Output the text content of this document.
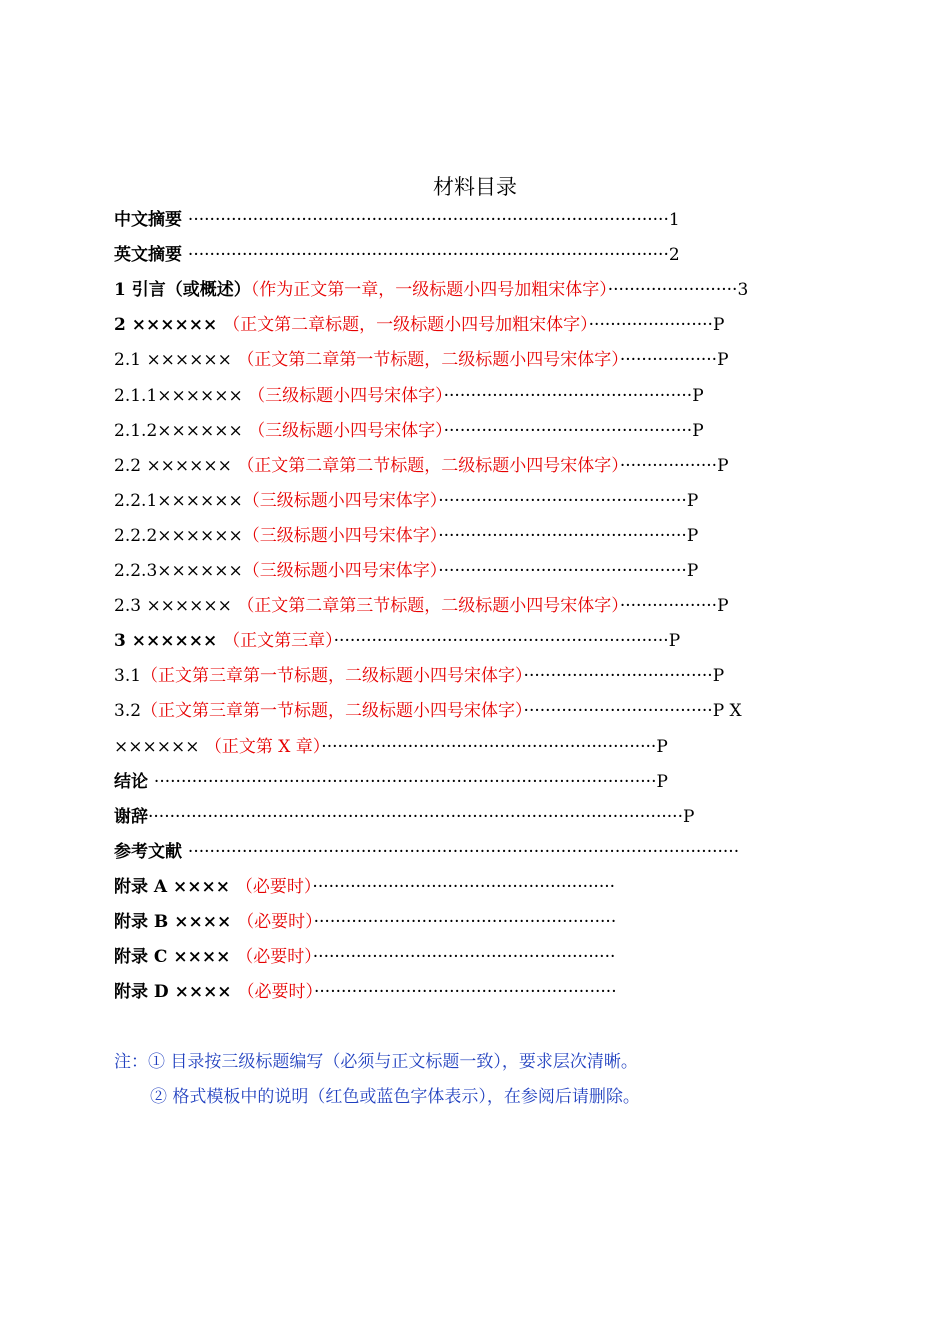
材料目录
中文摘要 ·························································································1
英文摘要 ·························································································2
1 引言（或概述）（作为正文第一章，一级标题小四号加粗宋体字）························3
2 ×××××× （正文第二章标题，一级标题小四号加粗宋体字）·······················P
2.1 ×××××× （正文第二章第一节标题，二级标题小四号宋体字）··················P
2.1.1×××××× （三级标题小四号宋体字）··············································P
2.1.2×××××× （三级标题小四号宋体字）··············································P
2.2 ×××××× （正文第二章第二节标题，二级标题小四号宋体字）··················P
2.2.1××××××（三级标题小四号宋体字）··············································P
2.2.2××××××（三级标题小四号宋体字）··············································P
2.2.3××××××（三级标题小四号宋体字）··············································P
2.3 ×××××× （正文第二章第三节标题，二级标题小四号宋体字）··················P
3 ×××××× （正文第三章）······························································P
3.1（正文第三章第一节标题，二级标题小四号宋体字）···································P
3.2（正文第三章第一节标题，二级标题小四号宋体字）···································P X
×××××× （正文第 X 章）······························································P
结论 ·····························································································P
谢辞···································································································P
参考文献 ······································································································
附录 A ×××× （必要时）························································
附录 B ×××× （必要时）························································
附录 C ×××× （必要时）························································
附录 D ×××× （必要时）························································
注：① 目录按三级标题编写（必须与正文标题一致），要求层次清晰。
② 格式模板中的说明（红色或蓝色字体表示），在参阅后请删除。
